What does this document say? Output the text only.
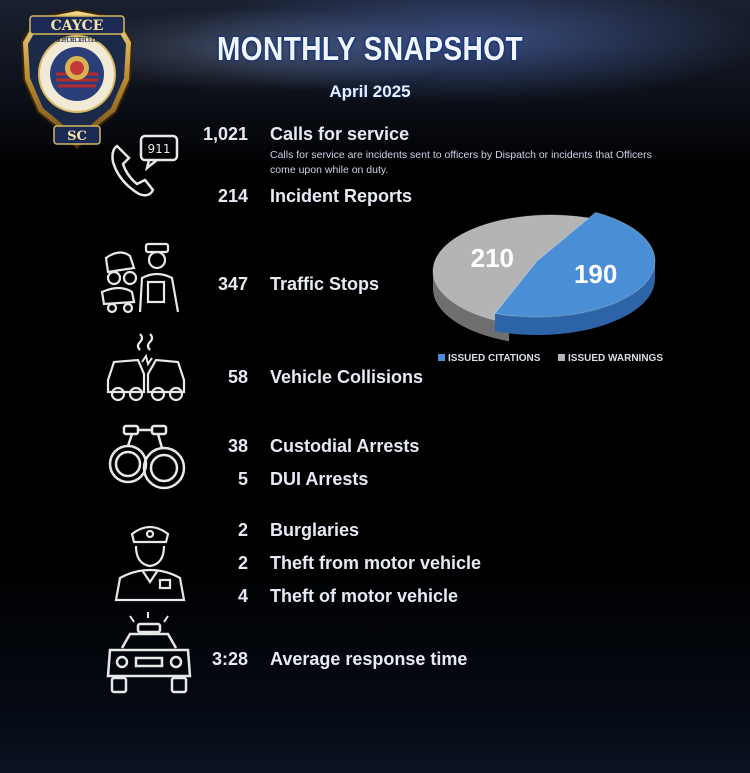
CAYCE
SWORN TO PROTECT PROUD TO SERVE
SC
MONTHLY SNAPSHOT
April 2025
911
1,021 Calls for service
Calls for service are incidents sent to officers by Dispatch or incidents that Officers come upon while on duty.
214 Incident Reports
347 Traffic Stops
58 Vehicle Collisions
38 Custodial Arrests
5 DUI Arrests
2 Burglaries
2 Theft from motor vehicle
4 Theft of motor vehicle
3:28 Average response time
210
190
ISSUED CITATIONS	ISSUED WARNINGS
